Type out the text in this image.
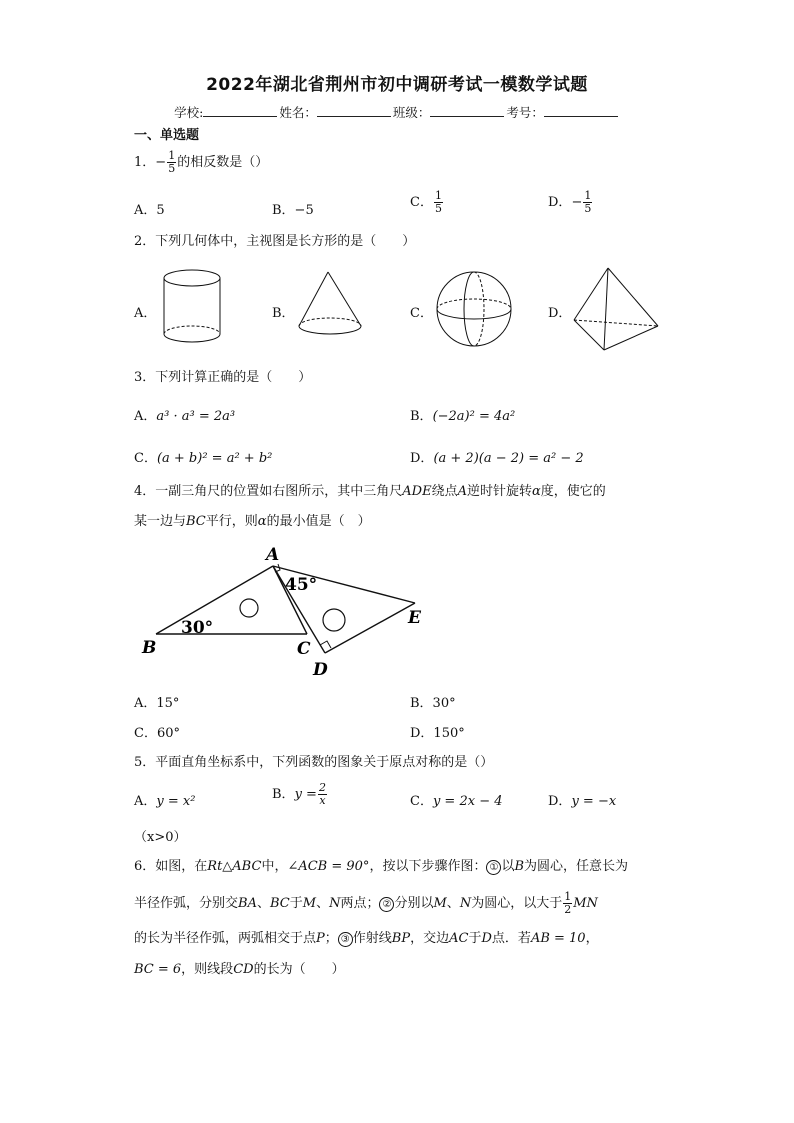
2022年湖北省荆州市初中调研考试一模数学试题
学校:	姓名：	班级：	考号：
一、单选题
1．− $\frac{1}{5}$ 的相反数是（）
A．5	B．−5
C． $\frac{1}{5}$	D．− $\frac{1}{5}$
2．下列几何体中，主视图是长方形的是（　　）
A．	B．	C．	D．
3．下列计算正确的是（　　）
A．a³ · a³ = 2a³	B．(−2a)² = 4a²
C．(a + b)² = a² + b²	D．(a + 2)(a − 2) = a² − 2
4．一副三角尺的位置如右图所示，其中三角尺ADE绕点A逆时针旋转α度，使它的
某一边与BC平行，则α的最小值是（　）
A
B	C
D
E
30°
45°
A．15°	B．30°
C．60°	D．150°
5．平面直角坐标系中，下列函数的图象关于原点对称的是（）
A．y = x²	B．$y = \frac{2}{x}$	C．y = 2x − 4	D．y = −x
（x>0）
6．如图，在Rt△ABC中，∠ACB = 90°，按以下步骤作图： ① 以B为圆心，任意长为
半径作弧，分别交BA、BC于M、N两点； ② 分别以M、N为圆心，以大于 $\frac{1}{2}$ MN
的长为半径作弧，两弧相交于点P； ③ 作射线BP，交边AC于D点．若AB = 10，
BC = 6，则线段CD的长为（　　）
